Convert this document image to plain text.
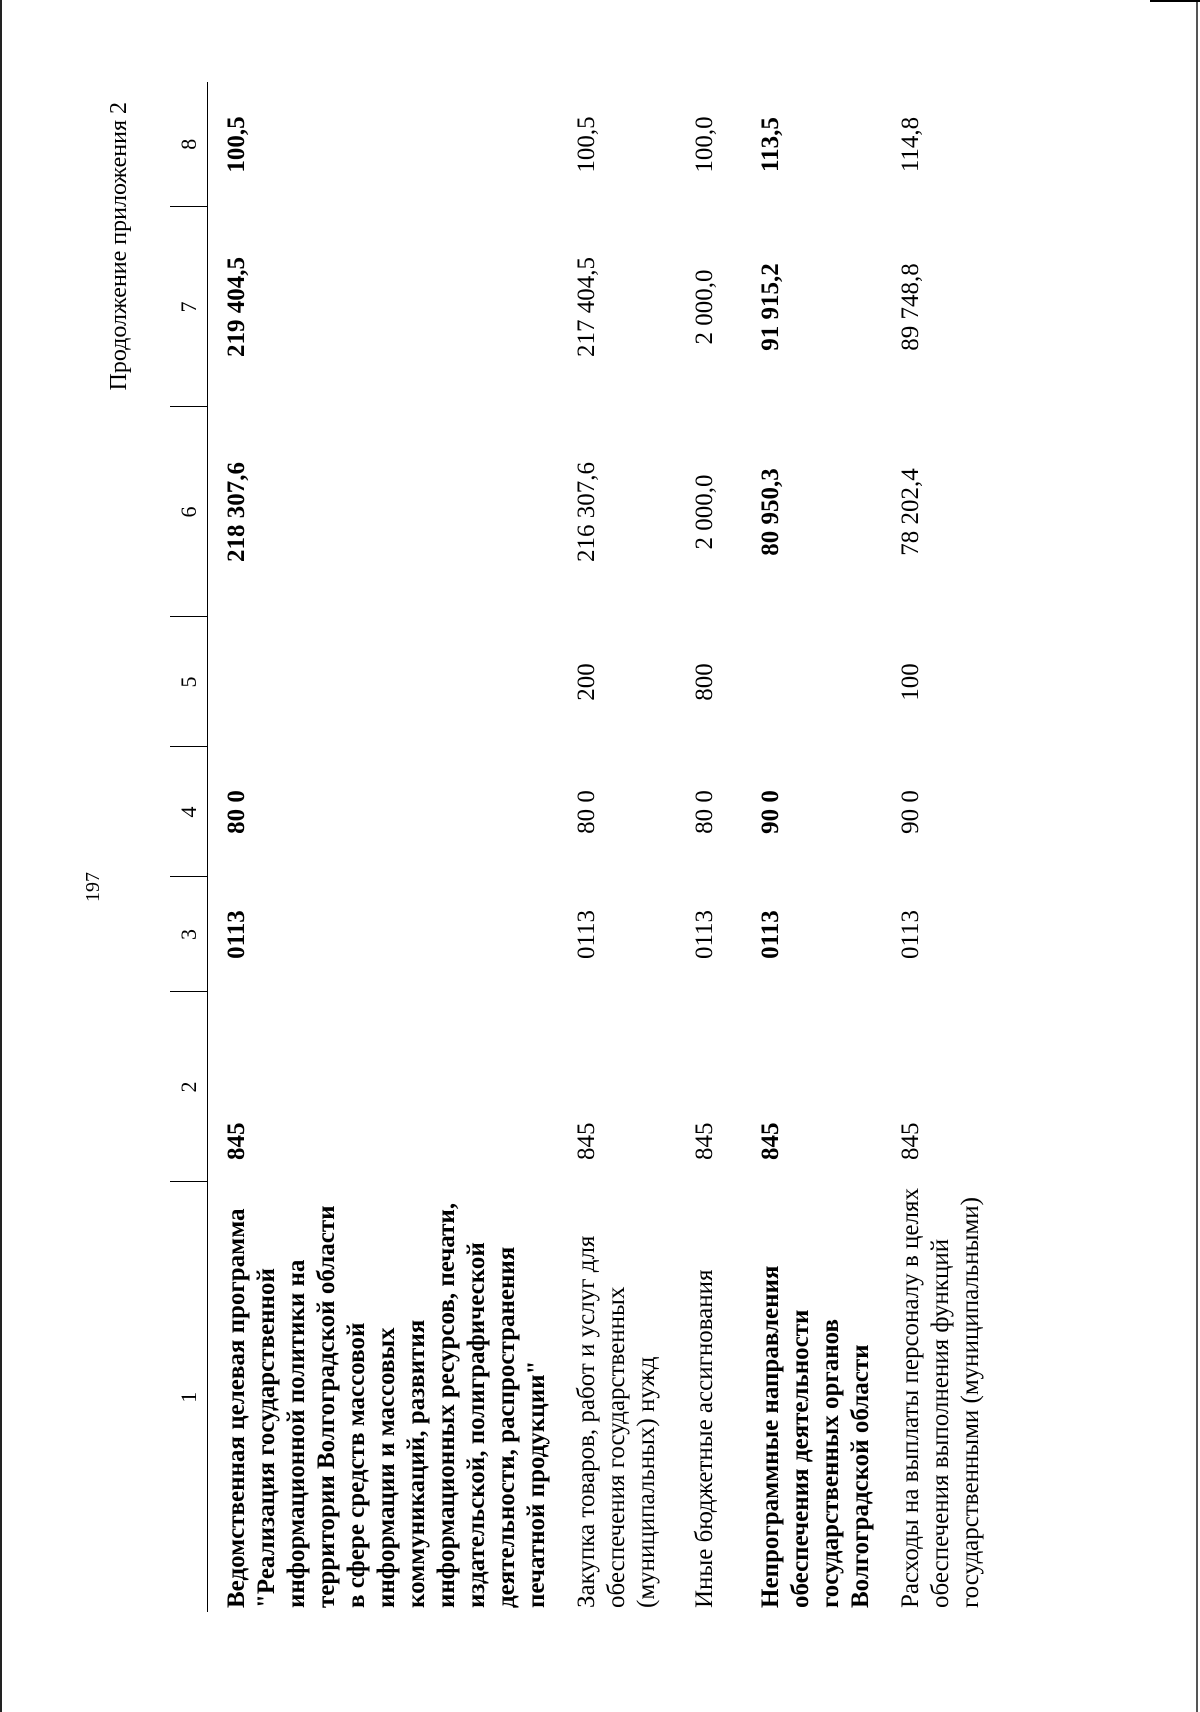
197
Продолжение приложения 2
1	2	3	4	5	6	7	8
Ведомственная целевая программа "Реализация государственной информационной политики на территории Волгоградской области в сфере средств массовой информации и массовых коммуникаций, развития информационных ресурсов, печати, издательской, полиграфической деятельности, распространения печатной продукции"	845	0113	80 0		218 307,6	219 404,5	100,5
Закупка товаров, работ и услуг для обеспечения государственных (муниципальных) нужд	845	0113	80 0	200	216 307,6	217 404,5	100,5
Иные бюджетные ассигнования	845	0113	80 0	800	2 000,0	2 000,0	100,0
Непрограммные направления обеспечения деятельности государственных органов Волгоградской области	845	0113	90 0		80 950,3	91 915,2	113,5
Расходы на выплаты персоналу в целях обеспечения выполнения функций государственными (муниципальными)	845	0113	90 0	100	78 202,4	89 748,8	114,8
